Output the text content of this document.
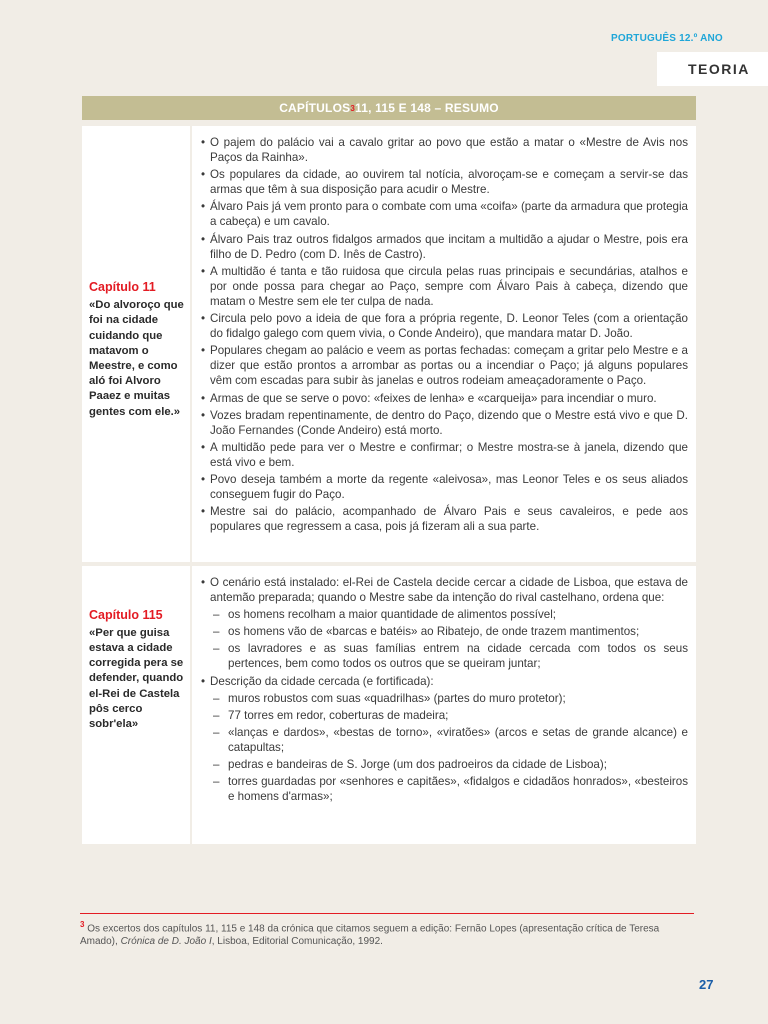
PORTUGUÊS 12.º ANO
TEORIA
CAPÍTULOS 3 11, 115 E 148 – RESUMO
Capítulo 11
«Do alvoroço que foi na cidade cuidando que matavom o Meestre, e como aló foi Alvoro Paaez e muitas gentes com ele.»
• O pajem do palácio vai a cavalo gritar ao povo que estão a matar o «Mestre de Avis nos Paços da Rainha».
• Os populares da cidade, ao ouvirem tal notícia, alvoroçam-se e começam a servir-se das armas que têm à sua disposição para acudir o Mestre.
• Álvaro Pais já vem pronto para o combate com uma «coifa» (parte da armadura que protegia a cabeça) e um cavalo.
• Álvaro Pais traz outros fidalgos armados que incitam a multidão a ajudar o Mestre, pois era filho de D. Pedro (com D. Inês de Castro).
• A multidão é tanta e tão ruidosa que circula pelas ruas principais e secundárias, atalhos e por onde possa para chegar ao Paço, sempre com Álvaro Pais à cabeça, dizendo que matam o Mestre sem ele ter culpa de nada.
• Circula pelo povo a ideia de que fora a própria regente, D. Leonor Teles (com a orientação do fidalgo galego com quem vivia, o Conde Andeiro), que mandara matar D. João.
• Populares chegam ao palácio e veem as portas fechadas: começam a gritar pelo Mestre e a dizer que estão prontos a arrombar as portas ou a incendiar o Paço; já alguns populares vêm com escadas para subir às janelas e outros rodeiam ameaçadoramente o Paço.
• Armas de que se serve o povo: «feixes de lenha» e «carqueija» para incendiar o muro.
• Vozes bradam repentinamente, de dentro do Paço, dizendo que o Mestre está vivo e que D. João Fernandes (Conde Andeiro) está morto.
• A multidão pede para ver o Mestre e confirmar; o Mestre mostra-se à janela, dizendo que está vivo e bem.
• Povo deseja também a morte da regente «aleivosa», mas Leonor Teles e os seus aliados conseguem fugir do Paço.
• Mestre sai do palácio, acompanhado de Álvaro Pais e seus cavaleiros, e pede aos populares que regressem a casa, pois já fizeram ali a sua parte.
Capítulo 115
«Per que guisa estava a cidade corregida pera se defender, quando el-Rei de Castela pôs cerco sobr'ela»
• O cenário está instalado: el-Rei de Castela decide cercar a cidade de Lisboa, que estava de antemão preparada; quando o Mestre sabe da intenção do rival castelhano, ordena que:
– os homens recolham a maior quantidade de alimentos possível;
– os homens vão de «barcas e batéis» ao Ribatejo, de onde trazem mantimentos;
– os lavradores e as suas famílias entrem na cidade cercada com todos os seus pertences, bem como todos os outros que se queiram juntar;
• Descrição da cidade cercada (e fortificada):
– muros robustos com suas «quadrilhas» (partes do muro protetor);
– 77 torres em redor, coberturas de madeira;
– «lanças e dardos», «bestas de torno», «viratões» (arcos e setas de grande alcance) e catapultas;
– pedras e bandeiras de S. Jorge (um dos padroeiros da cidade de Lisboa);
– torres guardadas por «senhores e capitães», «fidalgos e cidadãos honrados», «besteiros e homens d'armas»;
$^3$ Os excertos dos capítulos 11, 115 e 148 da crónica que citamos seguem a edição: Fernão Lopes (apresentação crítica de Teresa Amado), Crónica de D. João I, Lisboa, Editorial Comunicação, 1992.
27
